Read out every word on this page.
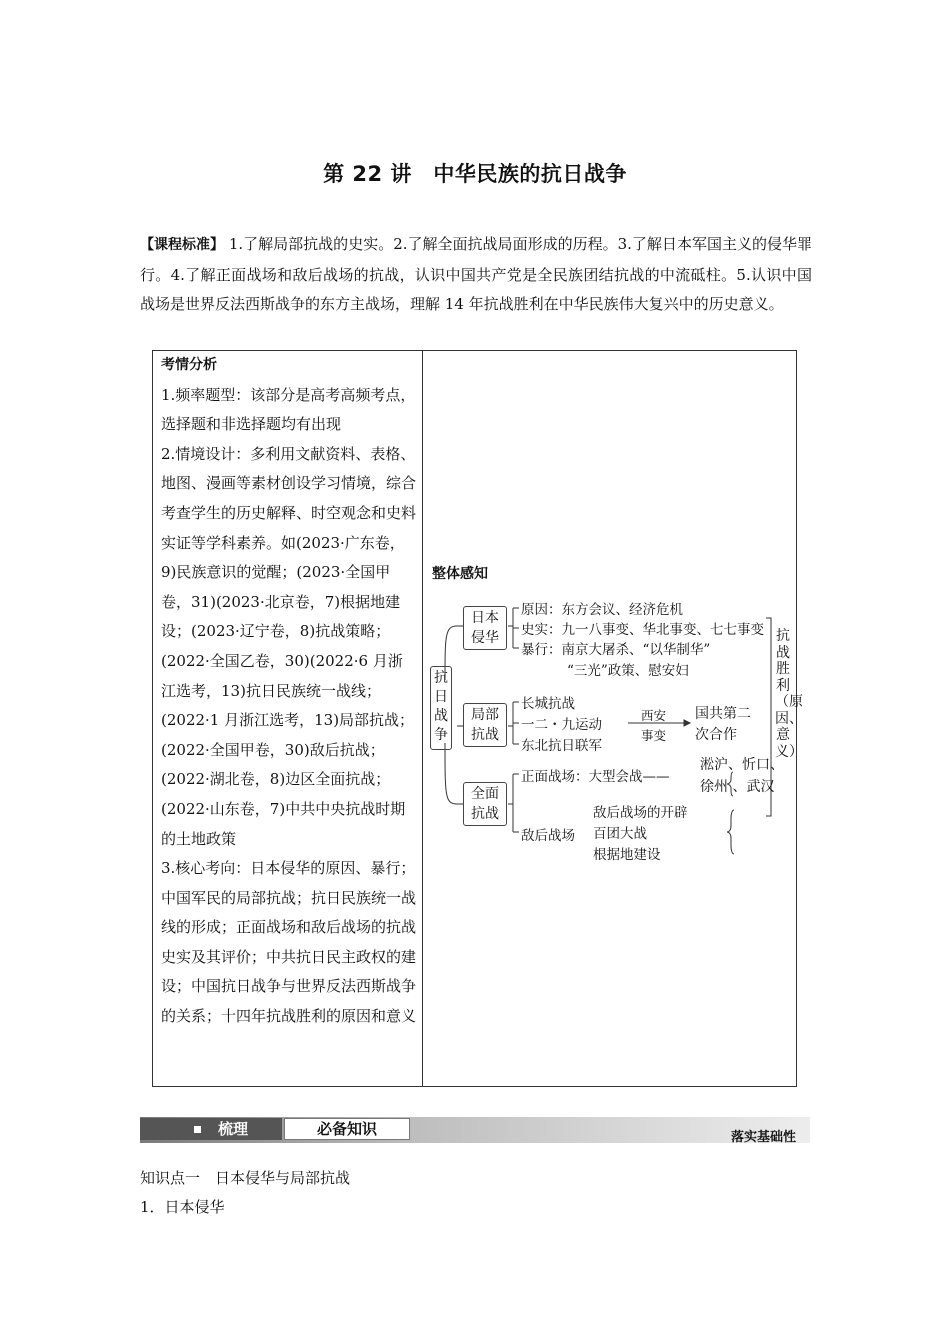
第 22 讲　中华民族的抗日战争
【课程标准】 1.了解局部抗战的史实。2.了解全面抗战局面形成的历程。3.了解日本军国主义的侵华罪行。4.了解正面战场和敌后战场的抗战，认识中国共产党是全民族团结抗战的中流砥柱。5.认识中国战场是世界反法西斯战争的东方主战场，理解 14 年抗战胜利在中华民族伟大复兴中的历史意义。
考情分析
1.频率题型：该部分是高考高频考点，选择题和非选择题均有出现
2.情境设计：多利用文献资料、表格、地图、漫画等素材创设学习情境，综合考查学生的历史解释、时空观念和史料实证等学科素养。如(2023·广东卷，9)民族意识的觉醒；(2023·全国甲卷，31)(2023·北京卷，7)根据地建设；(2023·辽宁卷，8)抗战策略；(2022·全国乙卷，30)(2022·6 月浙江选考，13)抗日民族统一战线；(2022·1 月浙江选考，13)局部抗战；(2022·全国甲卷，30)敌后抗战；(2022·湖北卷，8)边区全面抗战；(2022·山东卷，7)中共中央抗战时期的土地政策
3.核心考向：日本侵华的原因、暴行；中国军民的局部抗战；抗日民族统一战线的形成；正面战场和敌后战场的抗战史实及其评价；中共抗日民主政权的建设；中国抗日战争与世界反法西斯战争的关系；十四年抗战胜利的原因和意义
整体感知
抗日战争
日本侵华
原因：东方会议、经济危机
史实：九一八事变、华北事变、七七事变
暴行：南京大屠杀、“以华制华”
“三光”政策、慰安妇
局部抗战
长城抗战
一二・九运动
东北抗日联军
西安
事变
国共第二
次合作
全面抗战
正面战场：大型会战——
淞沪、忻口、
徐州 、武汉
敌后战场
敌后战场的开辟
百团大战
根据地建设
抗战胜利（原因、意义）
梳理	必备知识	落实基础性
知识点一　日本侵华与局部抗战
1．日本侵华
